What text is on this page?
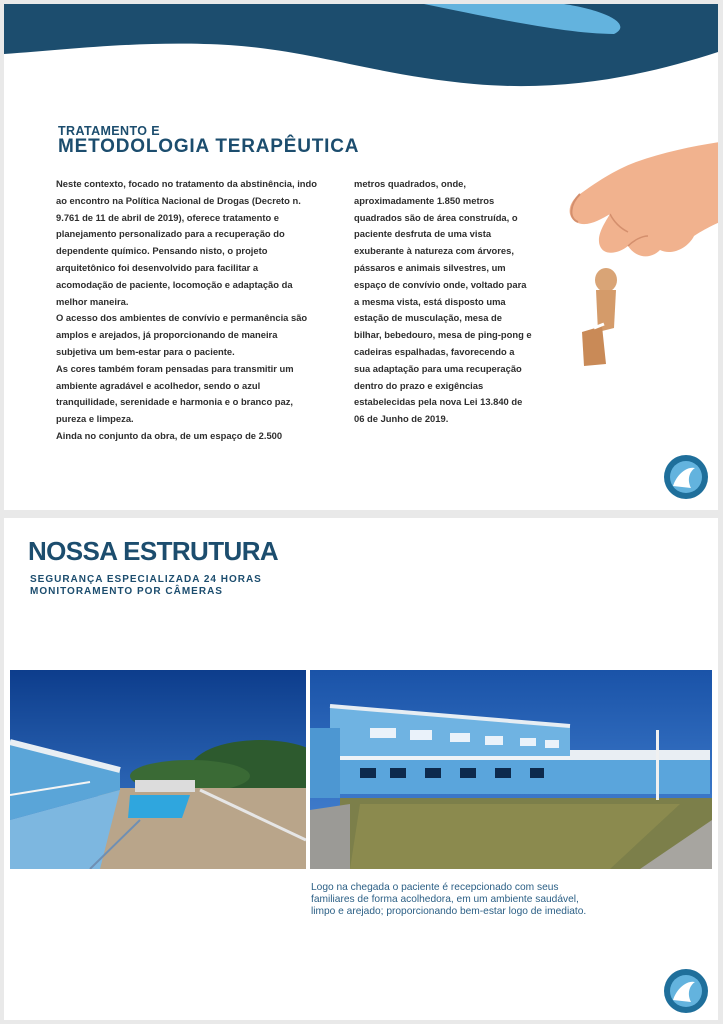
TRATAMENTO E
METODOLOGIA TERAPÊUTICA

Neste contexto, focado no tratamento da abstinência, indo ao encontro na Política Nacional de Drogas (Decreto n. 9.761 de 11 de abril de 2019), oferece tratamento e planejamento personalizado para a recuperação do dependente químico. Pensando nisto, o projeto arquitetônico foi desenvolvido para facilitar a acomodação de paciente, locomoção e adaptação da melhor maneira.

O acesso dos ambientes de convívio e permanência são amplos e arejados, já proporcionando de maneira subjetiva um bem-estar para o paciente.

As cores também foram pensadas para transmitir um ambiente agradável e acolhedor, sendo o azul tranquilidade, serenidade e harmonia e o branco paz, pureza e limpeza.

Ainda no conjunto da obra, de um espaço de 2.500

metros quadrados, onde, aproximadamente 1.850 metros quadrados são de área construída, o paciente desfruta de uma vista exuberante à natureza com árvores, pássaros e animais silvestres, um espaço de convívio onde, voltado para a mesma vista, está disposto uma estação de musculação, mesa de bilhar, bebedouro, mesa de ping-pong e cadeiras espalhadas, favorecendo a sua adaptação para uma recuperação dentro do prazo e exigências estabelecidas pela nova Lei 13.840 de 06 de Junho de 2019.

NOSSA ESTRUTURA
SEGURANÇA ESPECIALIZADA 24 HORAS
MONITORAMENTO POR CÂMERAS
Logo na chegada o paciente é recepcionado com seus familiares de forma acolhedora, em um ambiente saudável, limpo e arejado; proporcionando bem-estar logo de imediato.
